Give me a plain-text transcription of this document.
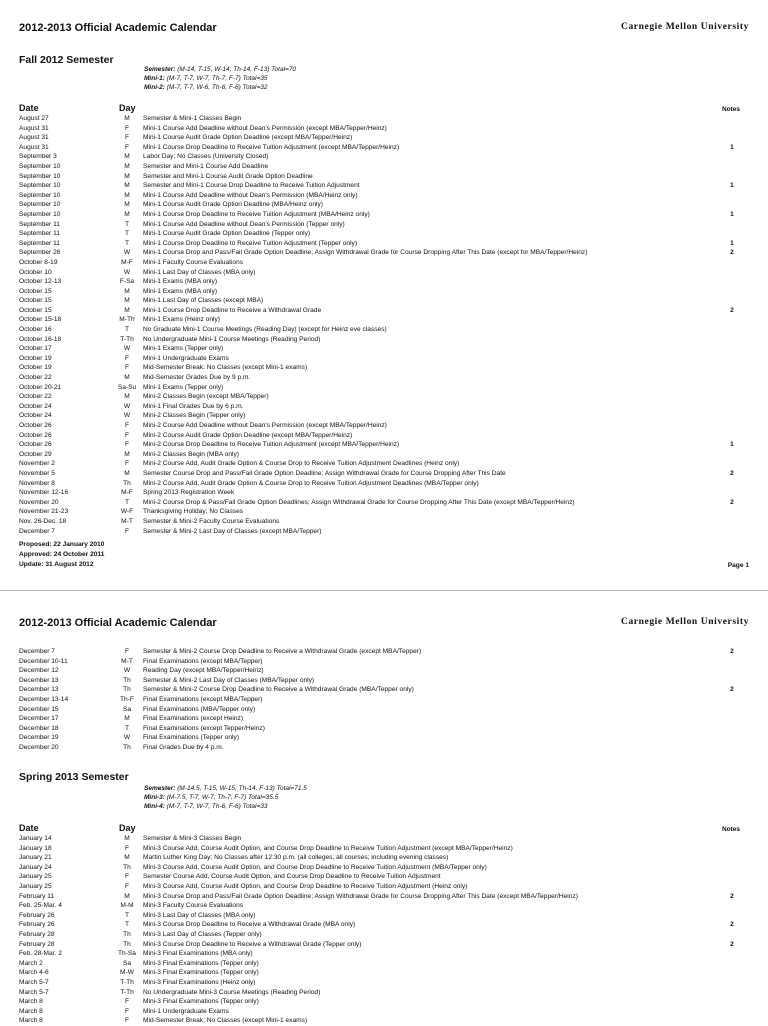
2012-2013 Official Academic Calendar	Carnegie Mellon University
Fall 2012 Semester
Semester: (M-14, T-15, W-14, Th-14, F-13) Total=70
Mini-1: (M-7, T-7, W-7, Th-7, F-7) Total=35
Mini-2: (M-7, T-7, W-6, Th-6, F-6) Total=32
Date	Day	Notes
August 27	M	Semester & Mini-1 Classes Begin
August 31	F	Mini-1 Course Add Deadline without Dean's Permission (except MBA/Tepper/Heinz)
August 31	F	Mini-1 Course Audit Grade Option Deadline (except MBA/Tepper/Heinz)
August 31	F	Mini-1 Course Drop Deadline to Receive Tuition Adjustment (except MBA/Tepper/Heinz)	1
September 3	M	Labor Day; No Classes (University Closed)
September 10	M	Semester and Mini-1 Course Add Deadline
September 10	M	Semester and Mini-1 Course Audit Grade Option Deadline
September 10	M	Semester and Mini-1 Course Drop Deadline to Receive Tuition Adjustment	1
September 10	M	Mini-1 Course Add Deadline without Dean's Permission (MBA/Heinz only)
September 10	M	Mini-1 Course Audit Grade Option Deadline (MBA/Heinz only)
September 10	M	Mini-1 Course Drop Deadline to Receive Tuition Adjustment (MBA/Heinz only)	1
September 11	T	Mini-1 Course Add Deadline without Dean's Permission (Tepper only)
September 11	T	Mini-1 Course Audit Grade Option Deadline (Tepper only)
September 11	T	Mini-1 Course Drop Deadline to Receive Tuition Adjustment (Tepper only)	1
September 26	W	Mini-1 Course Drop and Pass/Fail Grade Option Deadline; Assign Withdrawal Grade for Course Dropping After This Date (except for MBA/Tepper/Heinz)	2
October 8-19	M-F	Mini-1 Faculty Course Evaluations
October 10	W	Mini-1 Last Day of Classes (MBA only)
October 12-13	F-Sa	Mini-1 Exams (MBA only)
October 15	M	Mini-1 Exams (MBA only)
October 15	M	Mini-1 Last Day of Classes (except MBA)
October 15	M	Mini-1 Course Drop Deadline to Receive a Withdrawal Grade	2
October 15-18	M-Th	Mini-1 Exams (Heinz only)
October 16	T	No Graduate Mini-1 Course Meetings (Reading Day) (except for Heinz eve classes)
October 16-18	T-Th	No Undergraduate Mini-1 Course Meetings (Reading Period)
October 17	W	Mini-1 Exams (Tepper only)
October 19	F	Mini-1 Undergraduate Exams
October 19	F	Mid-Semester Break: No Classes (except Mini-1 exams)
October 22	M	Mid-Semester Grades Due by 9 p.m.
October 20-21	Sa-Su	Mini-1 Exams (Tepper only)
October 22	M	Mini-2 Classes Begin (except MBA/Tepper)
October 24	W	Mini-1 Final Grades Due by 6 p.m.
October 24	W	Mini-2 Classes Begin (Tepper only)
October 26	F	Mini-2 Course Add Deadline without Dean's Permission (except MBA/Tepper/Heinz)
October 26	F	Mini-2 Course Audit Grade Option Deadline (except MBA/Tepper/Heinz)
October 26	F	Mini-2 Course Drop Deadline to Receive Tuition Adjustment (except MBA/Tepper/Heinz)	1
October 29	M	Mini-2 Classes Begin (MBA only)
November 2	F	Mini-2 Course Add, Audit Grade Option & Course Drop to Receive Tuition Adjustment Deadlines (Heinz only)
November 5	M	Semester Course Drop and Pass/Fail Grade Option Deadline; Assign Withdrawal Grade for Course Dropping After This Date	2
November 8	Th	Mini-2 Course Add, Audit Grade Option & Course Drop to Receive Tuition Adjustment Deadlines (MBA/Tepper only)
November 12-16	M-F	Spring 2013 Registration Week
November 20	T	Mini-2 Course Drop & Pass/Fail Grade Option Deadlines; Assign Withdrawal Grade for Course Dropping After This Date (except MBA/Tepper/Heinz)	2
November 21-23	W-F	Thanksgiving Holiday; No Classes
Nov. 26-Dec. 18	M-T	Semester & Mini-2 Faculty Course Evaluations
December 7	F	Semester & Mini-2 Last Day of Classes (except MBA/Tepper)
Proposed: 22 January 2010
Approved: 24 October 2011
Update: 31 August 2012	Page 1
2012-2013 Official Academic Calendar	Carnegie Mellon University
December 7	F	Semester & Mini-2 Course Drop Deadline to Receive a Withdrawal Grade (except MBA/Tepper)	2
December 10-11	M-T	Final Examinations (except MBA/Tepper)
December 12	W	Reading Day (except MBA/Tepper/Heinz)
December 13	Th	Semester & Mini-2 Last Day of Classes (MBA/Tepper only)
December 13	Th	Semester & Mini-2 Course Drop Deadline to Receive a Withdrawal Grade (MBA/Tepper only)	2
December 13-14	Th-F	Final Examinations (except MBA/Tepper)
December 15	Sa	Final Examinations (MBA/Tepper only)
December 17	M	Final Examinations (except Heinz)
December 18	T	Final Examinations (except Tepper/Heinz)
December 19	W	Final Examinations (Tepper only)
December 20	Th	Final Grades Due by 4 p.m.
Spring 2013 Semester
Semester: (M-14.5, T-15, W-15, Th-14, F-13) Total=71.5
Mini-3: (M-7.5, T-7, W-7, Th-7, F-7) Total=35.5
Mini-4: (M-7, T-7, W-7, Th-6, F-6) Total=33
Date	Day	Notes
January 14	M	Semester & Mini-3 Classes Begin
January 18	F	Mini-3 Course Add, Course Audit Option, and Course Drop Deadline to Receive Tuition Adjustment (except MBA/Tepper/Heinz)
January 21	M	Martin Luther King Day; No Classes after 12:30 p.m. (all colleges, all courses; including evening classes)
January 24	Th	Mini-3 Course Add, Course Audit Option, and Course Drop Deadline to Receive Tuition Adjustment (MBA/Tepper only)
January 25	F	Semester Course Add, Course Audit Option, and Course Drop Deadline to Receive Tuition Adjustment
January 25	F	Mini-3 Course Add, Course Audit Option, and Course Drop Deadline to Receive Tuition Adjustment (Heinz only)
February 11	M	Mini-3 Course Drop and Pass/Fail Grade Option Deadline; Assign Withdrawal Grade for Course Dropping After This Date (except MBA/Tepper/Heinz)	2
Feb. 25-Mar. 4	M-M	Mini-3 Faculty Course Evaluations
February 26	T	Mini-3 Last Day of Classes (MBA only)
February 26	T	Mini-3 Course Drop Deadline to Receive a Withdrawal Grade (MBA only)	2
February 28	Th	Mini-3 Last Day of Classes (Tepper only)
February 28	Th	Mini-3 Course Drop Deadline to Receive a Withdrawal Grade (Tepper only)	2
Feb. 28-Mar. 2	Th-Sa	Mini-3 Final Examinations (MBA only)
March 2	Sa	Mini-3 Final Examinations (Tepper only)
March 4-6	M-W	Mini-3 Final Examinations (Tepper only)
March 5-7	T-Th	Mini-3 Final Examinations (Heinz only)
March 5-7	T-Th	No Undergraduate Mini-3 Course Meetings (Reading Period)
March 8	F	Mini-3 Final Examinations (Tepper only)
March 8	F	Mini-1 Undergraduate Exams
March 8	F	Mid-Semester Break; No Classes (except Mini-1 exams)
